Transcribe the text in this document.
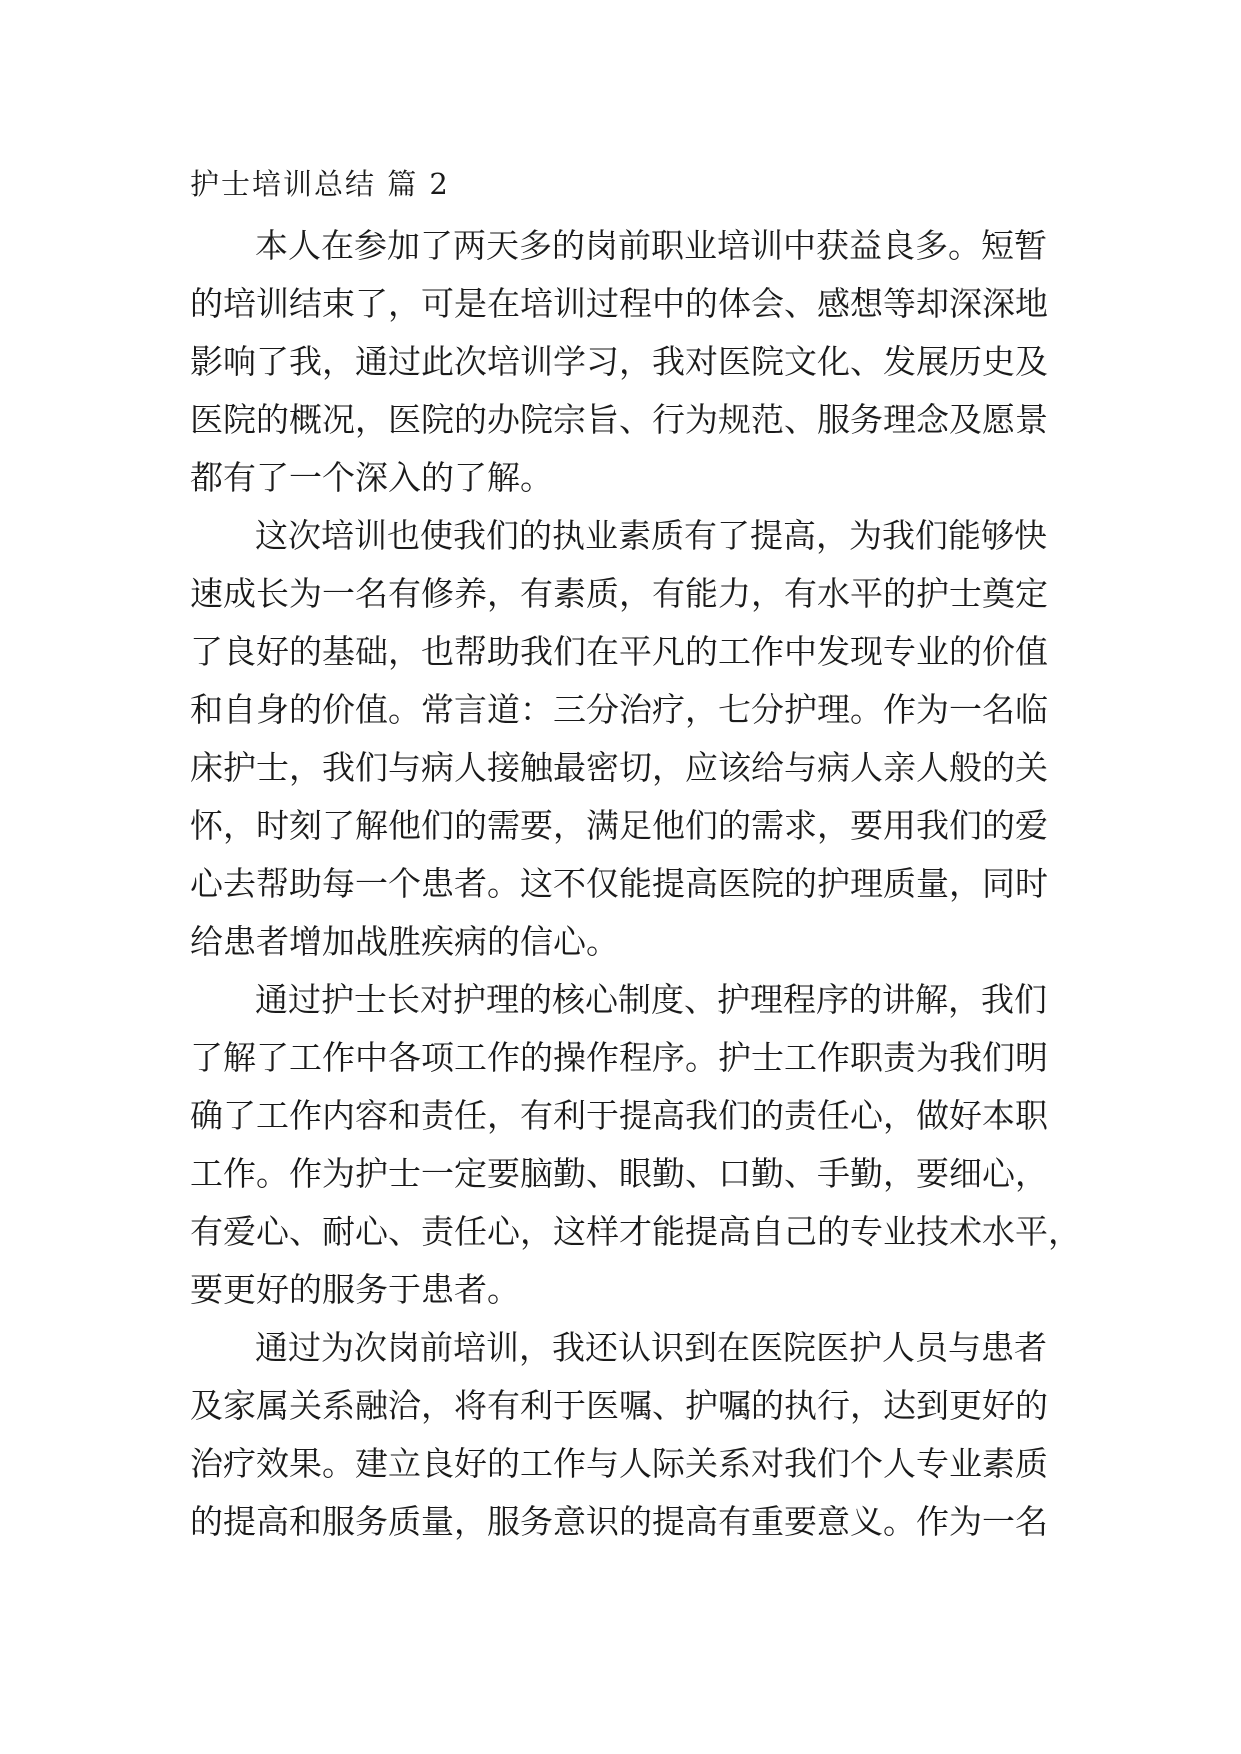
护士培训总结 篇 2
本人在参加了两天多的岗前职业培训中获益良多。短暂
的培训结束了，可是在培训过程中的体会、感想等却深深地
影响了我，通过此次培训学习，我对医院文化、发展历史及
医院的概况，医院的办院宗旨、行为规范、服务理念及愿景
都有了一个深入的了解。
这次培训也使我们的执业素质有了提高，为我们能够快
速成长为一名有修养，有素质，有能力，有水平的护士奠定
了良好的基础，也帮助我们在平凡的工作中发现专业的价值
和自身的价值。常言道：三分治疗，七分护理。作为一名临
床护士，我们与病人接触最密切，应该给与病人亲人般的关
怀，时刻了解他们的需要，满足他们的需求，要用我们的爱
心去帮助每一个患者。这不仅能提高医院的护理质量，同时
给患者增加战胜疾病的信心。
通过护士长对护理的核心制度、护理程序的讲解，我们
了解了工作中各项工作的操作程序。护士工作职责为我们明
确了工作内容和责任，有利于提高我们的责任心，做好本职
工作。作为护士一定要脑勤、眼勤、口勤、手勤，要细心，
有爱心、耐心、责任心，这样才能提高自己的专业技术水平，
要更好的服务于患者。
通过为次岗前培训，我还认识到在医院医护人员与患者
及家属关系融洽，将有利于医嘱、护嘱的执行，达到更好的
治疗效果。建立良好的工作与人际关系对我们个人专业素质
的提高和服务质量，服务意识的提高有重要意义。作为一名
